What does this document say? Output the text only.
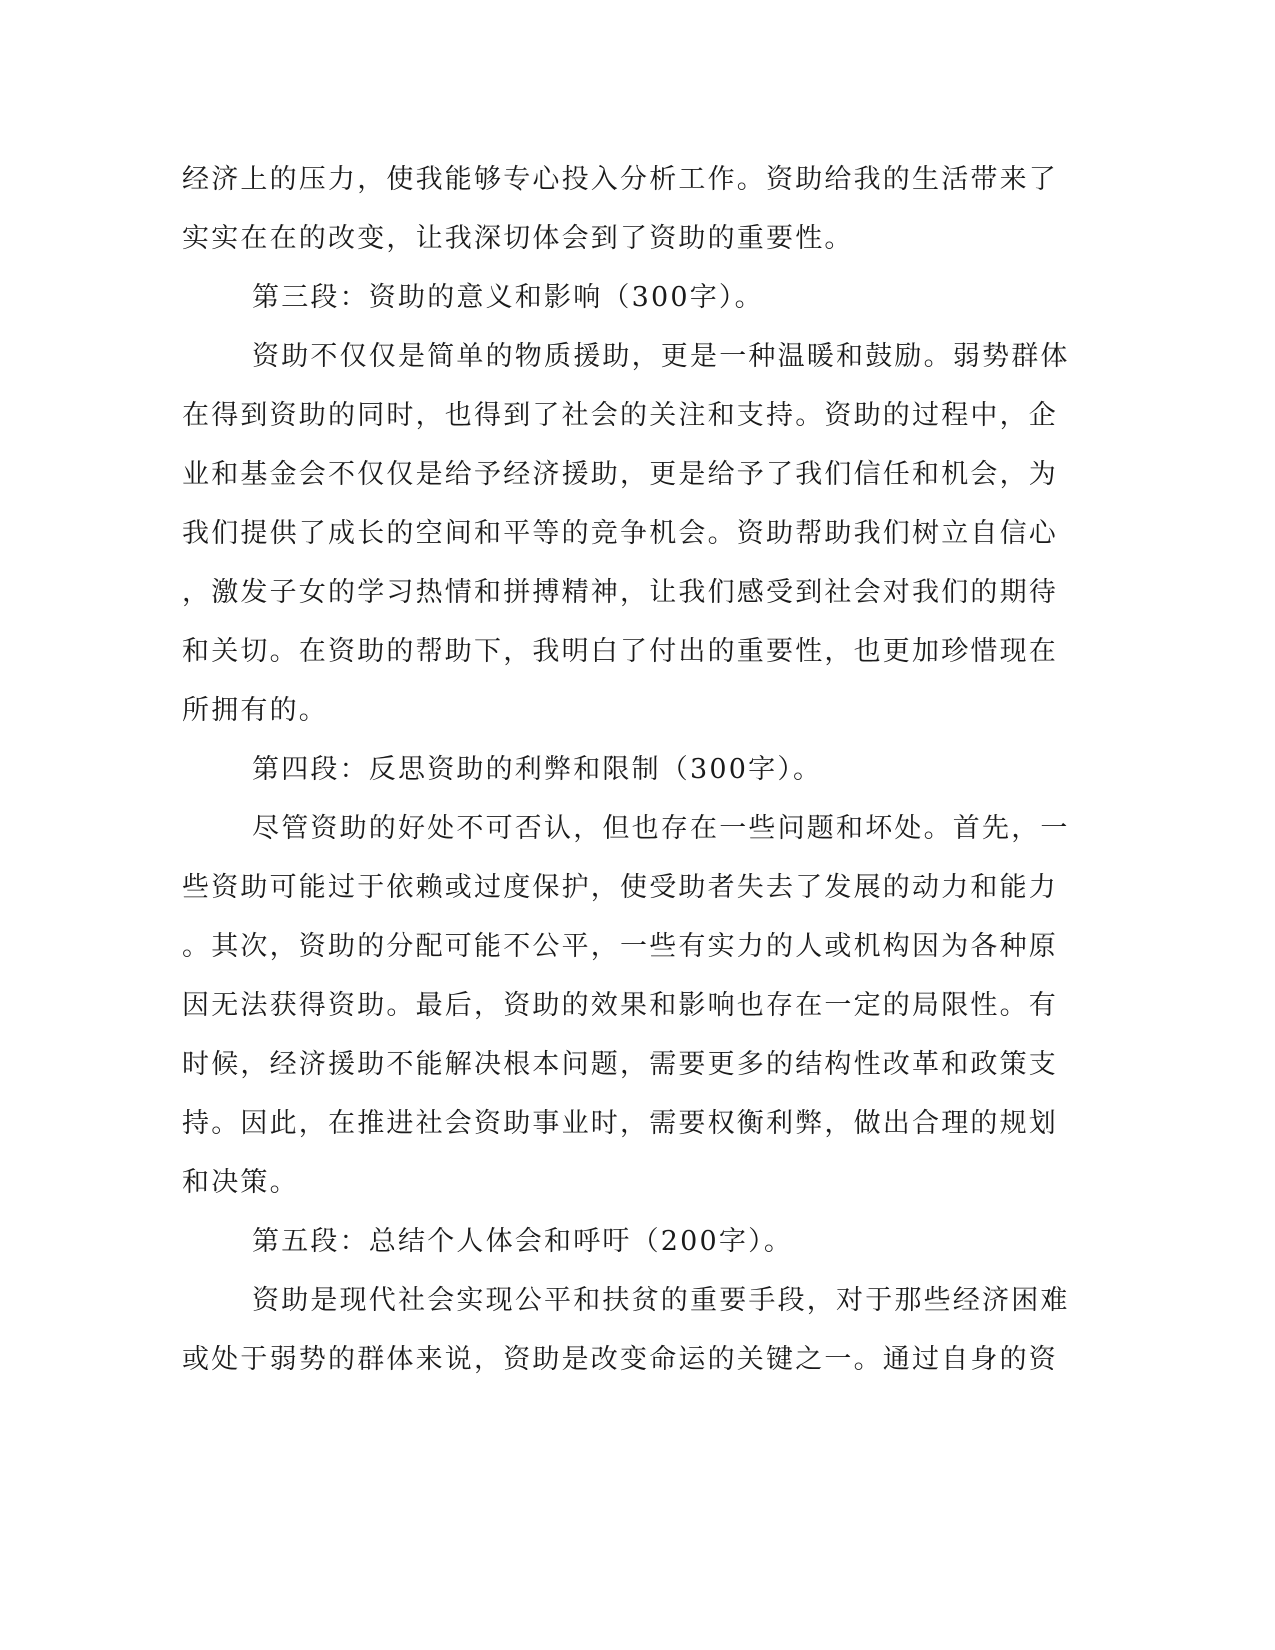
经济上的压力，使我能够专心投入分析工作。资助给我的生活带来了
实实在在的改变，让我深切体会到了资助的重要性。
第三段：资助的意义和影响（300字）。
资助不仅仅是简单的物质援助，更是一种温暖和鼓励。弱势群体
在得到资助的同时，也得到了社会的关注和支持。资助的过程中，企
业和基金会不仅仅是给予经济援助，更是给予了我们信任和机会，为
我们提供了成长的空间和平等的竞争机会。资助帮助我们树立自信心
，激发子女的学习热情和拼搏精神，让我们感受到社会对我们的期待
和关切。在资助的帮助下，我明白了付出的重要性，也更加珍惜现在
所拥有的。
第四段：反思资助的利弊和限制（300字）。
尽管资助的好处不可否认，但也存在一些问题和坏处。首先，一
些资助可能过于依赖或过度保护，使受助者失去了发展的动力和能力
。其次，资助的分配可能不公平，一些有实力的人或机构因为各种原
因无法获得资助。最后，资助的效果和影响也存在一定的局限性。有
时候，经济援助不能解决根本问题，需要更多的结构性改革和政策支
持。因此，在推进社会资助事业时，需要权衡利弊，做出合理的规划
和决策。
第五段：总结个人体会和呼吁（200字）。
资助是现代社会实现公平和扶贫的重要手段，对于那些经济困难
或处于弱势的群体来说，资助是改变命运的关键之一。通过自身的资
